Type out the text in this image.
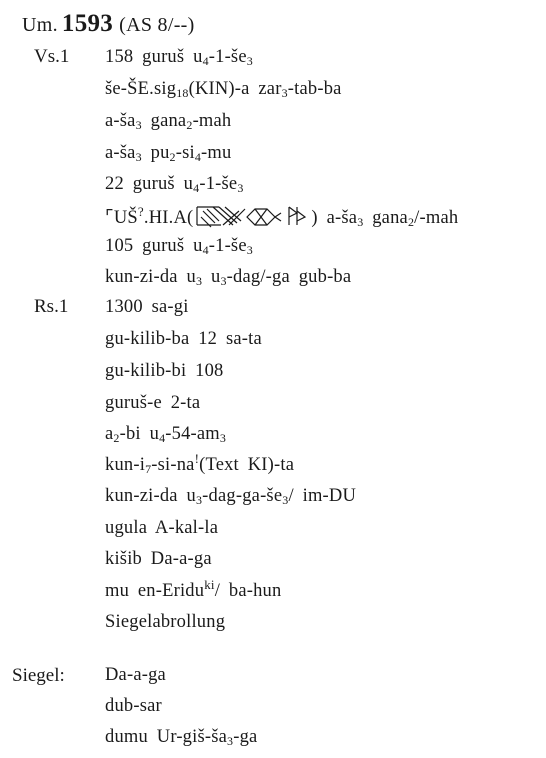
Um. 1593 (AS 8/--)
Vs.1 158 guruš $u_4-1-še_3$
še-ŠE.sig$_{18}$(KIN)-a zar$_3$-tab-ba
$a-ša_3$ gana$_2$-mah
$a-ša_3$ $pu_2-si_4-mu$
22 guruš $u_4-1-še_3$
⌜UŠ?.HI.A(	) $a-ša_3$ gana$_2$/-mah
105 guruš $u_4-1-še_3$
kun-zi-da $u_3$ $u_3-dag/-ga$ gub-ba
Rs.1 1300 sa-gi
gu-kilib-ba 12 sa-ta
gu-kilib-bi 108
guruš-e 2-ta
$a_2-bi$ $u_4-54-am_3$
kun-$i_7-si-na^!(Text$ KI)-ta
kun-zi-da $u_3-dag-ga-še_3/$ im-DU
ugula A-kal-la
kišib Da-a-ga
mu en-Eridu$^{ki}$/ ba-hun
Siegelabrollung
Siegel: Da-a-ga
dub-sar
dumu $Ur-giš-ša_3-ga$
